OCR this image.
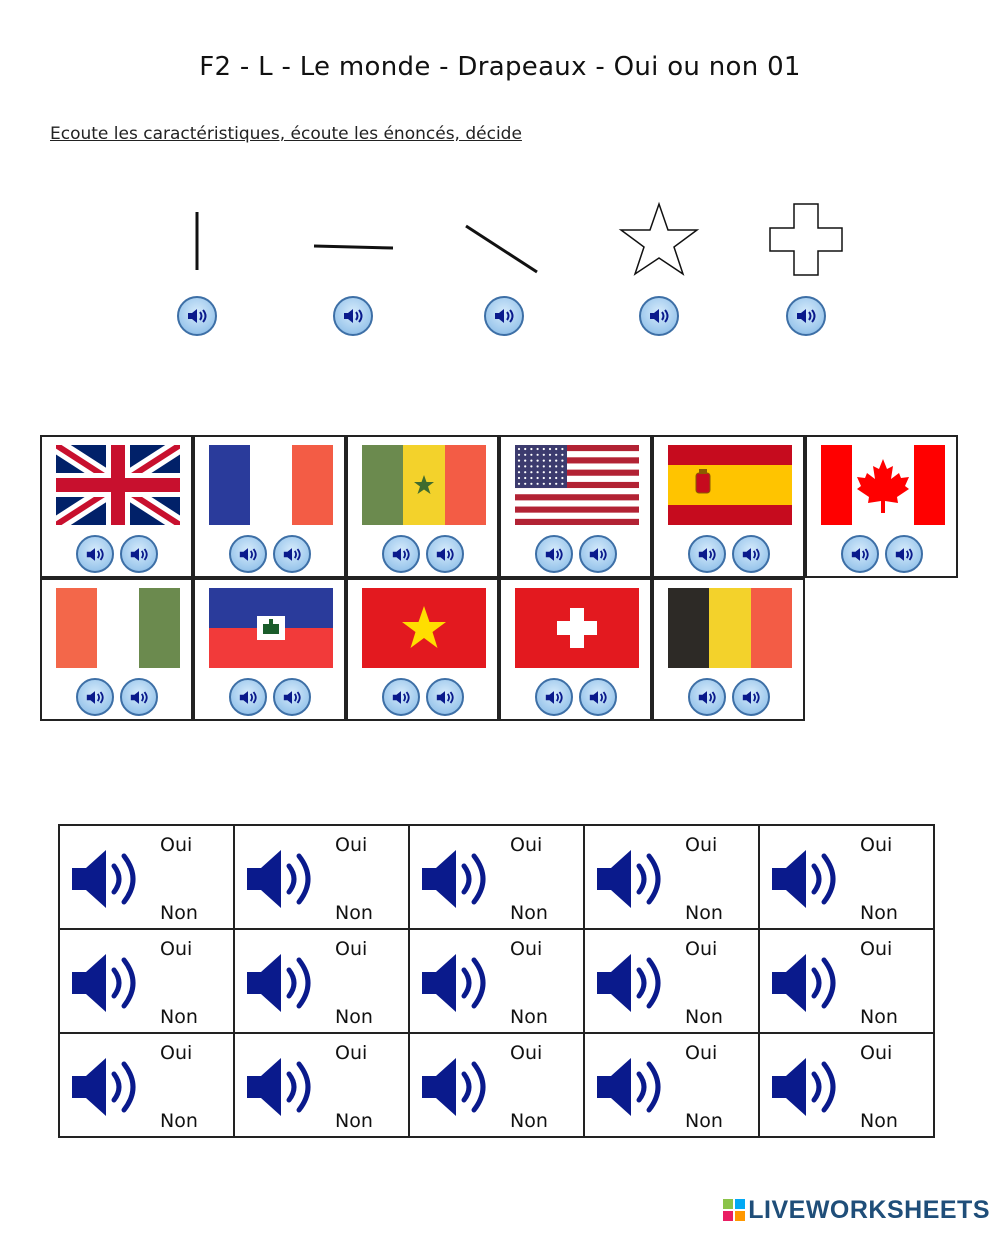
F2 - L - Le monde - Drapeaux - Oui ou non 01
Ecoute les caractéristiques, écoute les énoncés, décide
Oui
Non
Oui
Non
Oui
Non
Oui
Non
Oui
Non
Oui
Non
Oui
Non
Oui
Non
Oui
Non
Oui
Non
Oui
Non
Oui
Non
Oui
Non
Oui
Non
Oui
Non
LIVEWORKSHEETS
